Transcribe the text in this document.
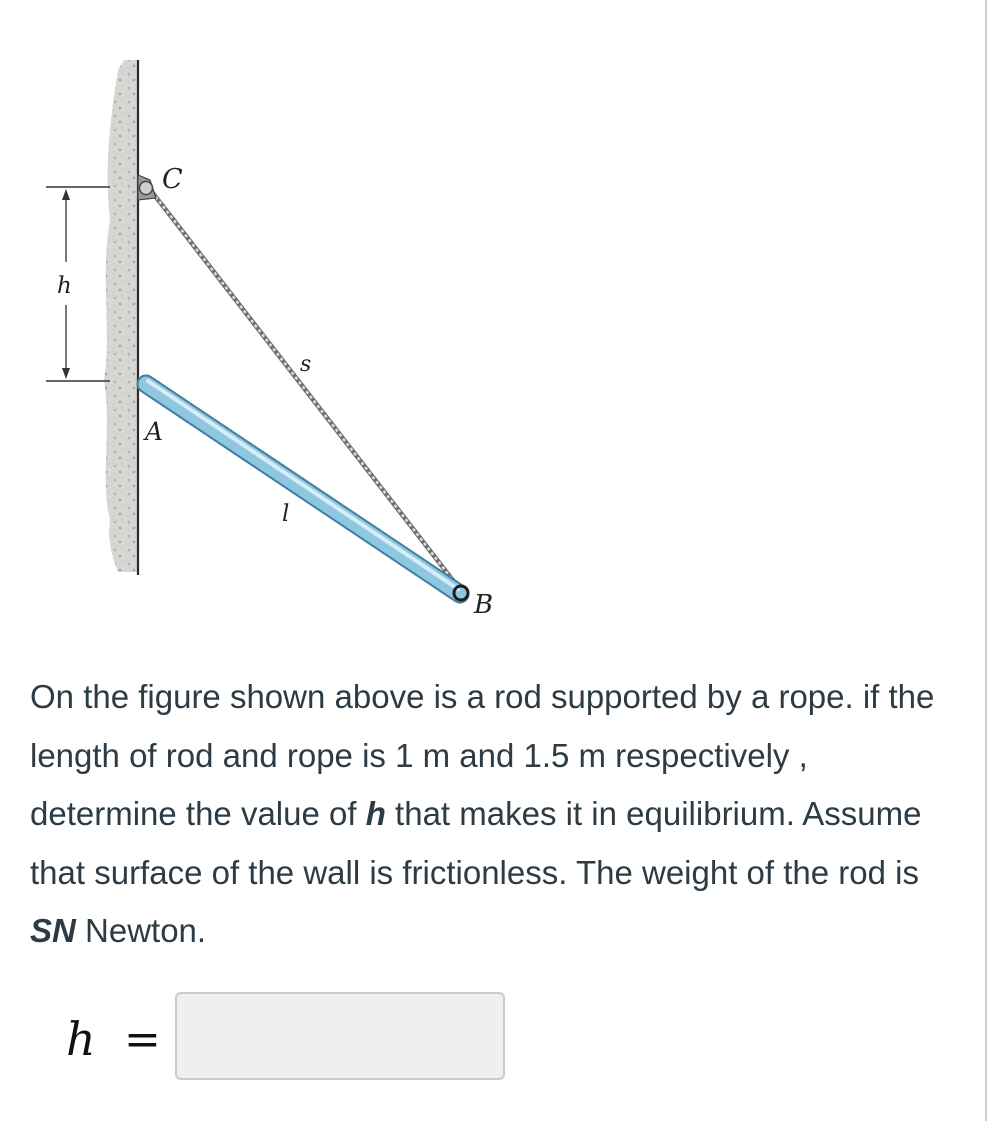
C
h
s
A
l
B
On the figure shown above is a rod supported by a rope. if the length of rod and rope is 1 m and 1.5 m respectively , determine the value of h that makes it in equilibrium. Assume that surface of the wall is frictionless. The weight of the rod is SN Newton.
h =
